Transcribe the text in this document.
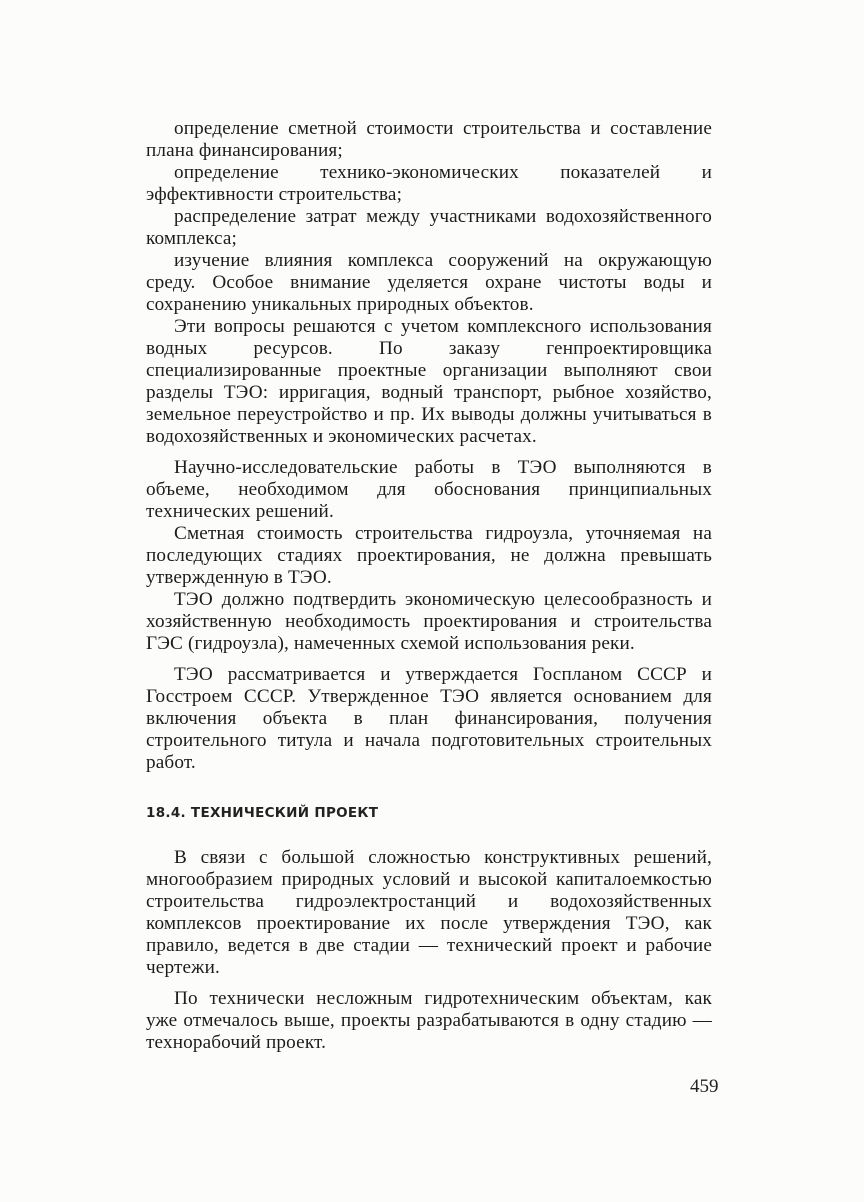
определение сметной стоимости строительства и составление плана финансирования;

определение технико-экономических показателей и эффективности строительства;

распределение затрат между участниками водохозяйственного комплекса;

изучение влияния комплекса сооружений на окружающую среду. Особое внимание уделяется охране чистоты воды и сохранению уникальных природных объектов.

Эти вопросы решаются с учетом комплексного использования водных ресурсов. По заказу генпроектировщика специализированные проектные организации выполняют свои разделы ТЭО: ирригация, водный транспорт, рыбное хозяйство, земельное переустройство и пр. Их выводы должны учитываться в водохозяйственных и экономических расчетах.

Научно-исследовательские работы в ТЭО выполняются в объеме, необходимом для обоснования принципиальных технических решений.

Сметная стоимость строительства гидроузла, уточняемая на последующих стадиях проектирования, не должна превышать утвержденную в ТЭО.

ТЭО должно подтвердить экономическую целесообразность и хозяйственную необходимость проектирования и строительства ГЭС (гидроузла), намеченных схемой использования реки.

ТЭО рассматривается и утверждается Госпланом СССР и Госстроем СССР. Утвержденное ТЭО является основанием для включения объекта в план финансирования, получения строительного титула и начала подготовительных строительных работ.

18.4. ТЕХНИЧЕСКИЙ ПРОЕКТ

В связи с большой сложностью конструктивных решений, многообразием природных условий и высокой капиталоемкостью строительства гидроэлектростанций и водохозяйственных комплексов проектирование их после утверждения ТЭО, как правило, ведется в две стадии — технический проект и рабочие чертежи.

По технически несложным гидротехническим объектам, как уже отмечалось выше, проекты разрабатываются в одну стадию — технорабочий проект.

459
